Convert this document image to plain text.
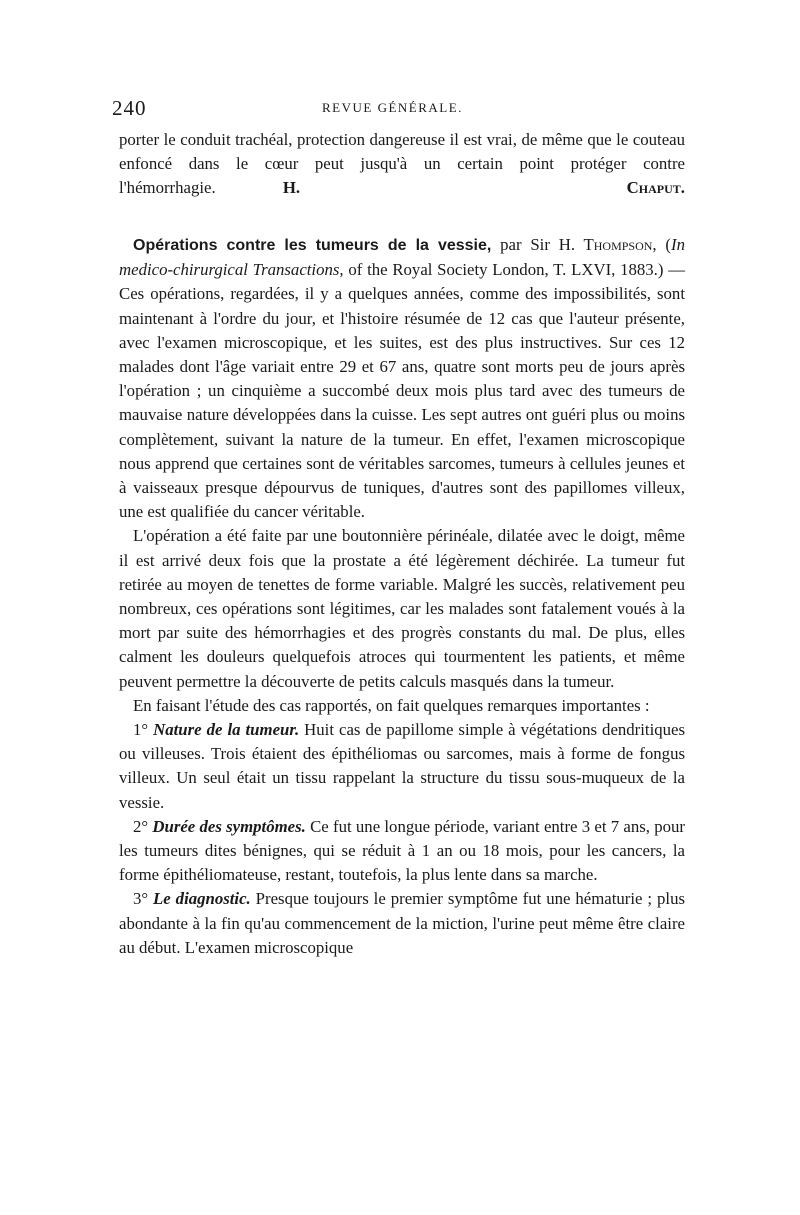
240	REVUE GÉNÉRALE.

porter le conduit trachéal, protection dangereuse il est vrai, de même que le couteau enfoncé dans le cœur peut jusqu'à un certain point protéger contre l'hémorrhagie.    	H. Chaput.

Opérations contre les tumeurs de la vessie, par Sir H. Thompson, (In medico-chirurgical Transactions, of the Royal Society London, T. LXVI, 1883.) — Ces opérations, regardées, il y a quelques années, comme des impossibilités, sont maintenant à l'ordre du jour, et l'histoire résumée de 12 cas que l'auteur présente, avec l'examen microscopique, et les suites, est des plus instructives. Sur ces 12 malades dont l'âge variait entre 29 et 67 ans, quatre sont morts peu de jours après l'opération ; un cinquième a succombé deux mois plus tard avec des tumeurs de mauvaise nature développées dans la cuisse. Les sept autres ont guéri plus ou moins complètement, suivant la nature de la tumeur. En effet, l'examen microscopique nous apprend que certaines sont de véritables sarcomes, tumeurs à cellules jeunes et à vaisseaux presque dépourvus de tuniques, d'autres sont des papillomes villeux, une est qualifiée du cancer véritable.

L'opération a été faite par une boutonnière périnéale, dilatée avec le doigt, même il est arrivé deux fois que la prostate a été légèrement déchirée. La tumeur fut retirée au moyen de tenettes de forme variable. Malgré les succès, relativement peu nombreux, ces opérations sont légitimes, car les malades sont fatalement voués à la mort par suite des hémorrhagies et des progrès constants du mal. De plus, elles calment les douleurs quelquefois atroces qui tourmentent les patients, et même peuvent permettre la découverte de petits calculs masqués dans la tumeur.

En faisant l'étude des cas rapportés, on fait quelques remarques importantes :

1° Nature de la tumeur. Huit cas de papillome simple à végétations dendritiques ou villeuses. Trois étaient des épithéliomas ou sarcomes, mais à forme de fongus villeux. Un seul était un tissu rappelant la structure du tissu sous-muqueux de la vessie.

2° Durée des symptômes. Ce fut une longue période, variant entre 3 et 7 ans, pour les tumeurs dites bénignes, qui se réduit à 1 an ou 18 mois, pour les cancers, la forme épithéliomateuse, restant, toutefois, la plus lente dans sa marche.

3° Le diagnostic. Presque toujours le premier symptôme fut une hématurie ; plus abondante à la fin qu'au commencement de la miction, l'urine peut même être claire au début. L'examen microscopique
